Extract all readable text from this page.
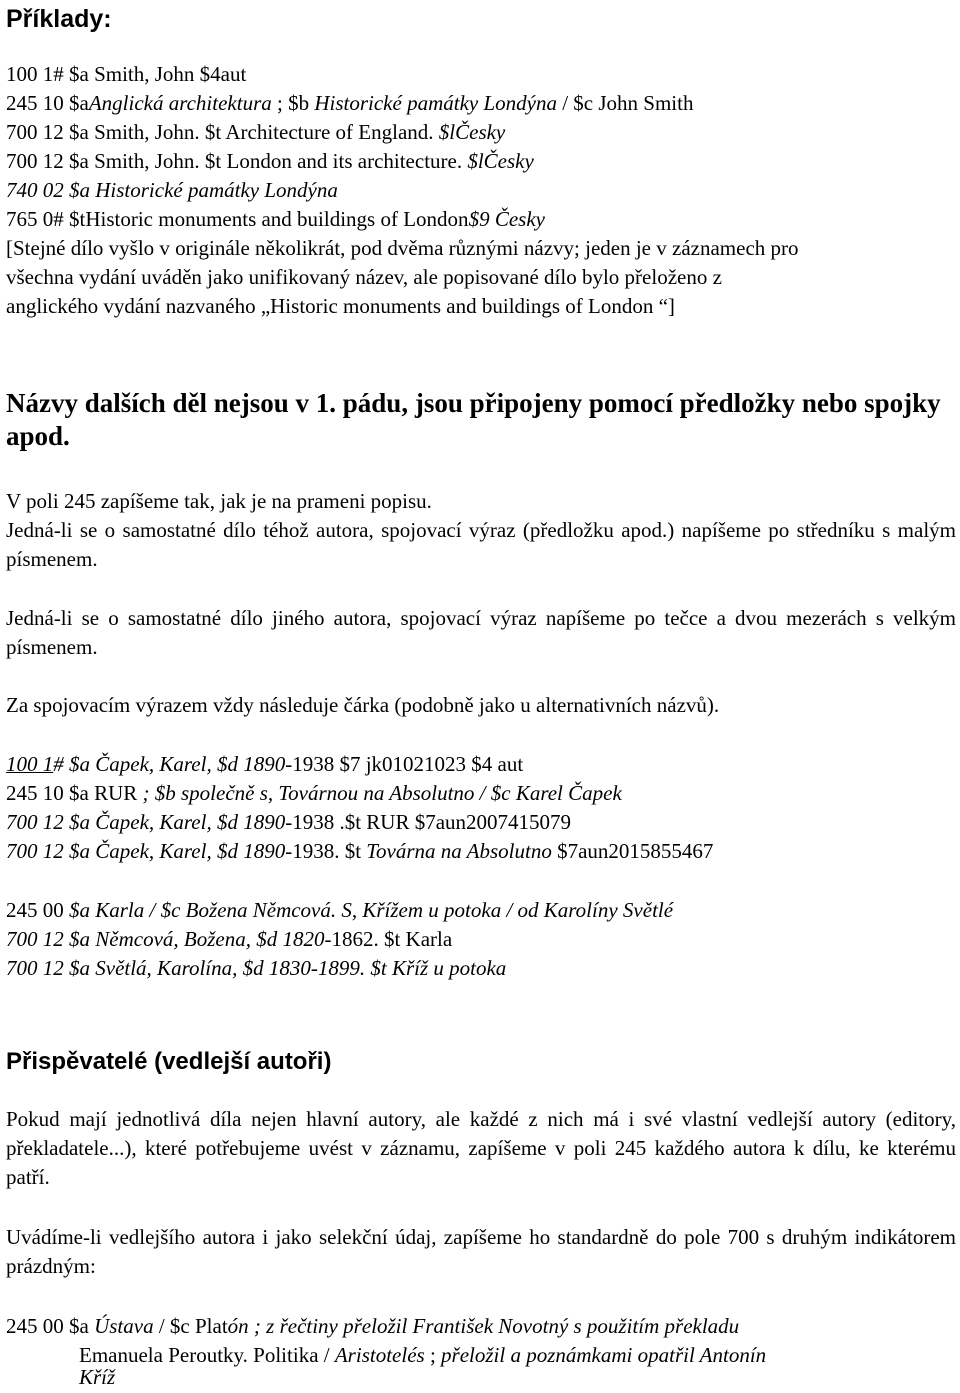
Příklady:
100 1# $a Smith, John $4aut
245 10 $aAnglická architektura ; $b Historické památky Londýna / $c John Smith
700 12 $a Smith, John. $t Architecture of England. $lČesky
700 12 $a Smith, John. $t London and its architecture. $lČesky
740 02 $a Historické památky Londýna
765 0# $tHistoric monuments and buildings of London$9 Česky
[Stejné dílo vyšlo v originále několikrát, pod dvěma různými názvy; jeden je v záznamech pro
všechna vydání uváděn jako unifikovaný název, ale popisované dílo bylo přeloženo z
anglického vydání nazvaného „Historic monuments and buildings of London “]
Názvy dalších děl nejsou v 1. pádu, jsou připojeny pomocí předložky nebo spojky apod.
V poli 245 zapíšeme tak, jak je na prameni popisu.
Jedná-li se o samostatné dílo téhož autora, spojovací výraz (předložku apod.) napíšeme po středníku s malým písmenem.
Jedná-li se o samostatné dílo jiného autora, spojovací výraz napíšeme po tečce a dvou mezerách s velkým písmenem.
Za spojovacím výrazem vždy následuje čárka (podobně jako u alternativních názvů).
100 1# $a Čapek, Karel, $d 1890-1938 $7 jk01021023 $4 aut
245 10 $a RUR ; $b společně s, Továrnou na Absolutno / $c Karel Čapek
700 12 $a Čapek, Karel, $d 1890-1938 .$t RUR $7aun2007415079
700 12 $a Čapek, Karel, $d 1890-1938. $t Továrna na Absolutno $7aun2015855467
245 00 $a Karla / $c Božena Němcová. S, Křížem u potoka / od Karolíny Světlé
700 12 $a Němcová, Božena, $d 1820-1862. $t Karla
700 12 $a Světlá, Karolína, $d 1830-1899. $t Kříž u potoka
Přispěvatelé (vedlejší autoři)
Pokud mají jednotlivá díla nejen hlavní autory, ale každé z nich má i své vlastní vedlejší autory (editory, překladatele...), které potřebujeme uvést v záznamu, zapíšeme v poli 245 každého autora k dílu, ke kterému patří.
Uvádíme-li vedlejšího autora i jako selekční údaj, zapíšeme ho standardně do pole 700 s druhým indikátorem prázdným:
245 00 $a Ústava / $c Platón ; z řečtiny přeložil František Novotný s použitím překladu
Emanuela Peroutky. Politika / Aristotelés ; přeložil a poznámkami opatřil Antonín
Kříž
